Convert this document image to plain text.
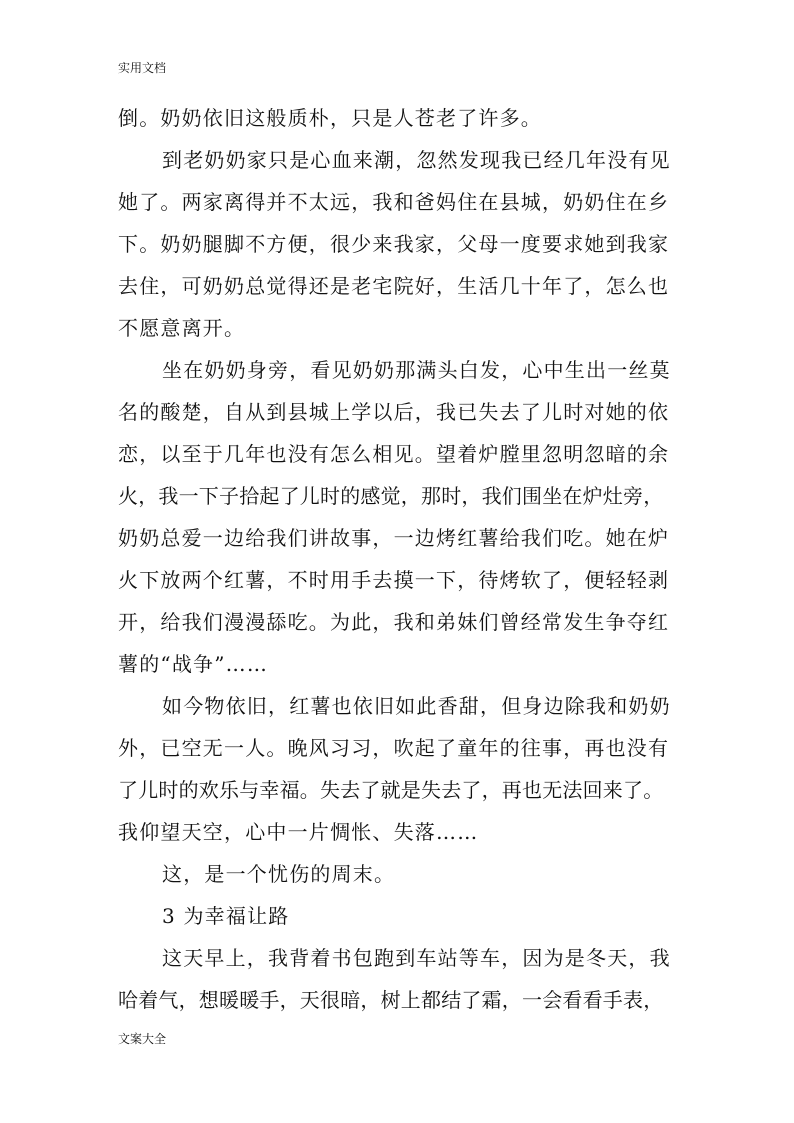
实用文档

倒。奶奶依旧这般质朴，只是人苍老了许多。

到老奶奶家只是心血来潮，忽然发现我已经几年没有见

她了。两家离得并不太远，我和爸妈住在县城，奶奶住在乡

下。奶奶腿脚不方便，很少来我家，父母一度要求她到我家

去住，可奶奶总觉得还是老宅院好，生活几十年了，怎么也

不愿意离开。

坐在奶奶身旁，看见奶奶那满头白发，心中生出一丝莫

名的酸楚，自从到县城上学以后，我已失去了儿时对她的依

恋，以至于几年也没有怎么相见。望着炉膛里忽明忽暗的余

火，我一下子拾起了儿时的感觉，那时，我们围坐在炉灶旁，

奶奶总爱一边给我们讲故事，一边烤红薯给我们吃。她在炉

火下放两个红薯，不时用手去摸一下，待烤软了，便轻轻剥

开，给我们漫漫舔吃。为此，我和弟妹们曾经常发生争夺红

薯的“战争”……

如今物依旧，红薯也依旧如此香甜，但身边除我和奶奶

外，已空无一人。晚风习习，吹起了童年的往事，再也没有

了儿时的欢乐与幸福。失去了就是失去了，再也无法回来了。

我仰望天空，心中一片惆怅、失落……

这，是一个忧伤的周末。

3 为幸福让路

这天早上，我背着书包跑到车站等车，因为是冬天，我

哈着气，想暖暖手，天很暗，树上都结了霜，一会看看手表，

文案大全
